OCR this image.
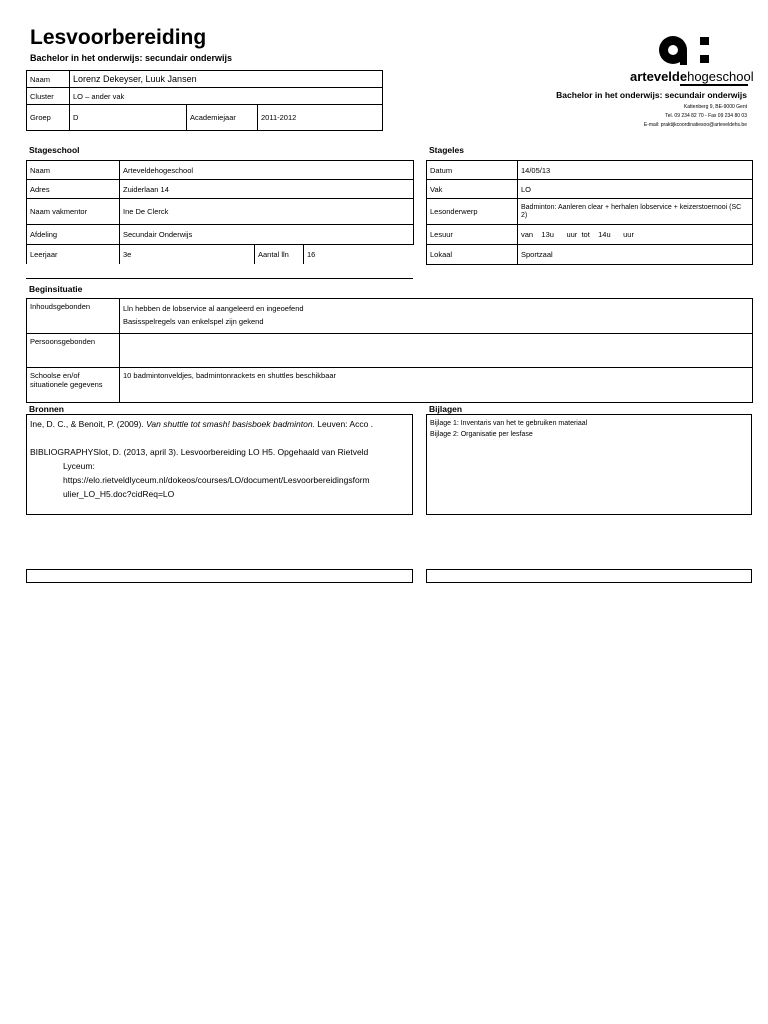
Lesvoorbereiding
Bachelor in het onderwijs: secundair onderwijs
arteveldehogeschool
Bachelor in het onderwijs: secundair onderwijs
Kattenberg 9, BE-9000 Gent
Tel. 09 234 82 70 - Fax 09 234 80 03
E-mail: praktijkcoordinatiesoo@arteveldehs.be
Naam	Lorenz Dekeyser, Luuk Jansen		
Cluster	LO – ander vak		
Groep	D	Academiejaar	2011-2012
Stageschool
Naam	Arteveldehogeschool		
Adres	Zuiderlaan 14		
Naam vakmentor	Ine De Clerck		
Afdeling	Secundair Onderwijs		
Leerjaar	3e	Aantal lln	16
Stageles
Datum	14/05/13
Vak	LO
Lesonderwerp	Badminton: Aanleren clear + herhalen lobservice + keizerstoernooi (SC 2)
Lesuur	van    13u      uur  tot    14u      uur
Lokaal	Sportzaal
Beginsituatie
Inhoudsgebonden	Lln hebben de lobservice al aangeleerd en ingeoefend
Basisspelregels van enkelspel zijn gekend

Persoonsgebonden	
Schoolse en/of situationele gegevens	10 badmintonveldjes, badmintonrackets en shuttles beschikbaar
Bronnen
Ine, D. C., & Benoit, P. (2009). Van shuttle tot smash! basisboek badminton. Leuven: Acco .
BIBLIOGRAPHYSlot, D. (2013, april 3). Lesvoorbereiding LO H5. Opgehaald van Rietveld
Lyceum:
https://elo.rietveldlyceum.nl/dokeos/courses/LO/document/Lesvoorbereidingsform
ulier_LO_H5.doc?cidReq=LO
Bijlagen
Bijlage 1: Inventaris van het te gebruiken materiaal
Bijlage 2: Organisatie per lesfase
